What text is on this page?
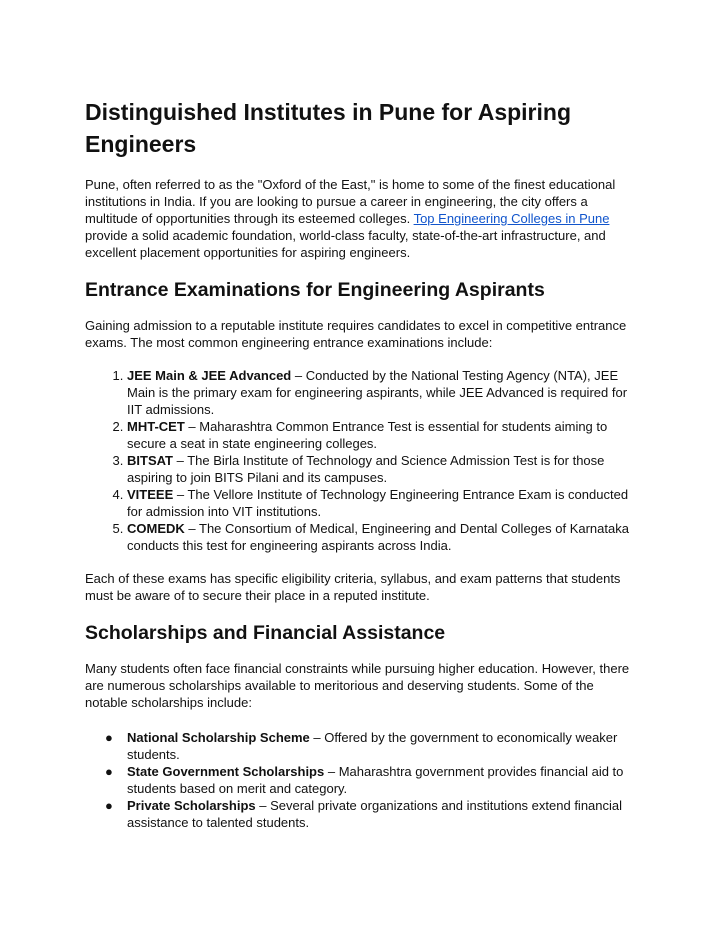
Distinguished Institutes in Pune for Aspiring Engineers

Pune, often referred to as the "Oxford of the East," is home to some of the finest educational institutions in India. If you are looking to pursue a career in engineering, the city offers a multitude of opportunities through its esteemed colleges. Top Engineering Colleges in Pune provide a solid academic foundation, world-class faculty, state-of-the-art infrastructure, and excellent placement opportunities for aspiring engineers.

Entrance Examinations for Engineering Aspirants

Gaining admission to a reputable institute requires candidates to excel in competitive entrance exams. The most common engineering entrance examinations include:

1. JEE Main & JEE Advanced – Conducted by the National Testing Agency (NTA), JEE Main is the primary exam for engineering aspirants, while JEE Advanced is required for IIT admissions.
2. MHT-CET – Maharashtra Common Entrance Test is essential for students aiming to secure a seat in state engineering colleges.
3. BITSAT – The Birla Institute of Technology and Science Admission Test is for those aspiring to join BITS Pilani and its campuses.
4. VITEEE – The Vellore Institute of Technology Engineering Entrance Exam is conducted for admission into VIT institutions.
5. COMEDK – The Consortium of Medical, Engineering and Dental Colleges of Karnataka conducts this test for engineering aspirants across India.

Each of these exams has specific eligibility criteria, syllabus, and exam patterns that students must be aware of to secure their place in a reputed institute.

Scholarships and Financial Assistance

Many students often face financial constraints while pursuing higher education. However, there are numerous scholarships available to meritorious and deserving students. Some of the notable scholarships include:

● National Scholarship Scheme – Offered by the government to economically weaker students.
● State Government Scholarships – Maharashtra government provides financial aid to students based on merit and category.
● Private Scholarships – Several private organizations and institutions extend financial assistance to talented students.
